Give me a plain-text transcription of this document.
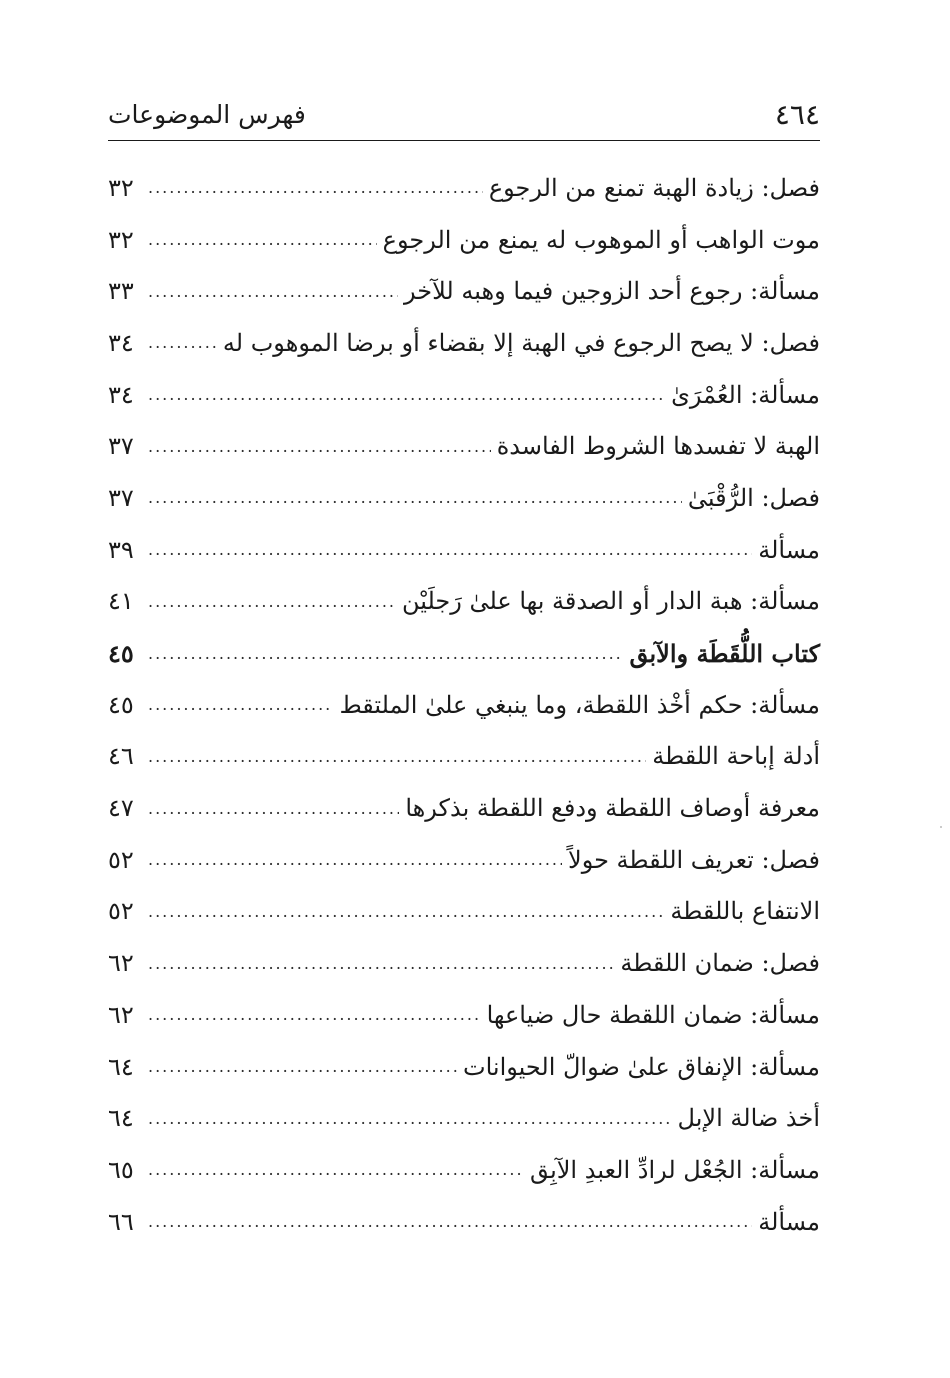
٤٦٤
فهرس الموضوعات
فصل: زيادة الهبة تمنع من الرجوع
.....
٣٢
موت الواهب أو الموهوب له يمنع من الرجوع
.....
٣٢
مسألة: رجوع أحد الزوجين فيما وهبه للآخر
.....
٣٣
فصل: لا يصح الرجوع في الهبة إلا بقضاء أو برضا الموهوب له
.....
٣٤
مسألة: العُمْرَىٰ
.....
٣٤
الهبة لا تفسدها الشروط الفاسدة
.....
٣٧
فصل: الرُّقْبَىٰ
.....
٣٧
مسألة
.....
٣٩
مسألة: هبة الدار أو الصدقة بها علىٰ رَجلَيْن
.....
٤١
كتاب اللُّقَطَة والآبق
.....
٤٥
مسألة: حكم أخْذ اللقطة، وما ينبغي علىٰ الملتقط
.....
٤٥
أدلة إباحة اللقطة
.....
٤٦
معرفة أوصاف اللقطة ودفع اللقطة بذكرها
.....
٤٧
فصل: تعريف اللقطة حولاً
.....
٥٢
الانتفاع باللقطة
.....
٥٢
فصل: ضمان اللقطة
.....
٦٢
مسألة: ضمان اللقطة حال ضياعها
.....
٦٢
مسألة: الإنفاق علىٰ ضوالّ الحيوانات
.....
٦٤
أخذ ضالة الإبل
.....
٦٤
مسألة: الجُعْل لرادِّ العبدِ الآبِق
.....
٦٥
مسألة
.....
٦٦
